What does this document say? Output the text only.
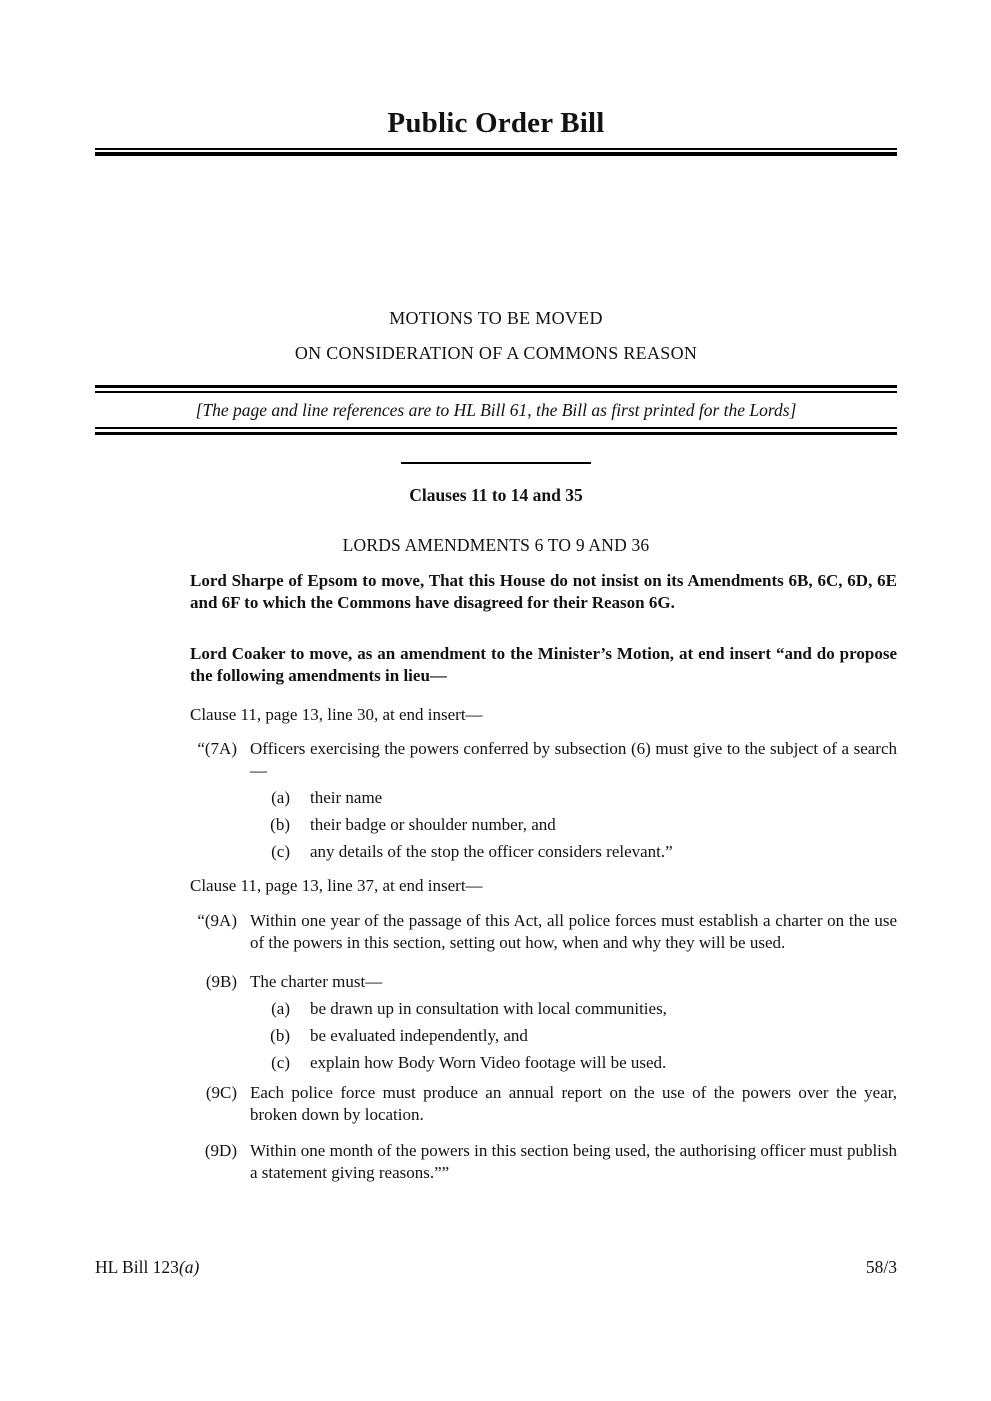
Public Order Bill

MOTIONS TO BE MOVED

ON CONSIDERATION OF A COMMONS REASON

[The page and line references are to HL Bill 61, the Bill as first printed for the Lords]

Clauses 11 to 14 and 35

LORDS AMENDMENTS 6 TO 9 AND 36

Lord Sharpe of Epsom to move, That this House do not insist on its Amendments 6B, 6C, 6D, 6E and 6F to which the Commons have disagreed for their Reason 6G.

Lord Coaker to move, as an amendment to the Minister’s Motion, at end insert “and do propose the following amendments in lieu—

Clause 11, page 13, line 30, at end insert—

“(7A) Officers exercising the powers conferred by subsection (6) must give to the subject of a search—
(a) their name
(b) their badge or shoulder number, and
(c) any details of the stop the officer considers relevant.”

Clause 11, page 13, line 37, at end insert—

“(9A) Within one year of the passage of this Act, all police forces must establish a charter on the use of the powers in this section, setting out how, when and why they will be used.
(9B) The charter must—
(a) be drawn up in consultation with local communities,
(b) be evaluated independently, and
(c) explain how Body Worn Video footage will be used.
(9C) Each police force must produce an annual report on the use of the powers over the year, broken down by location.
(9D) Within one month of the powers in this section being used, the authorising officer must publish a statement giving reasons.””
HL Bill 123(a)	58/3
